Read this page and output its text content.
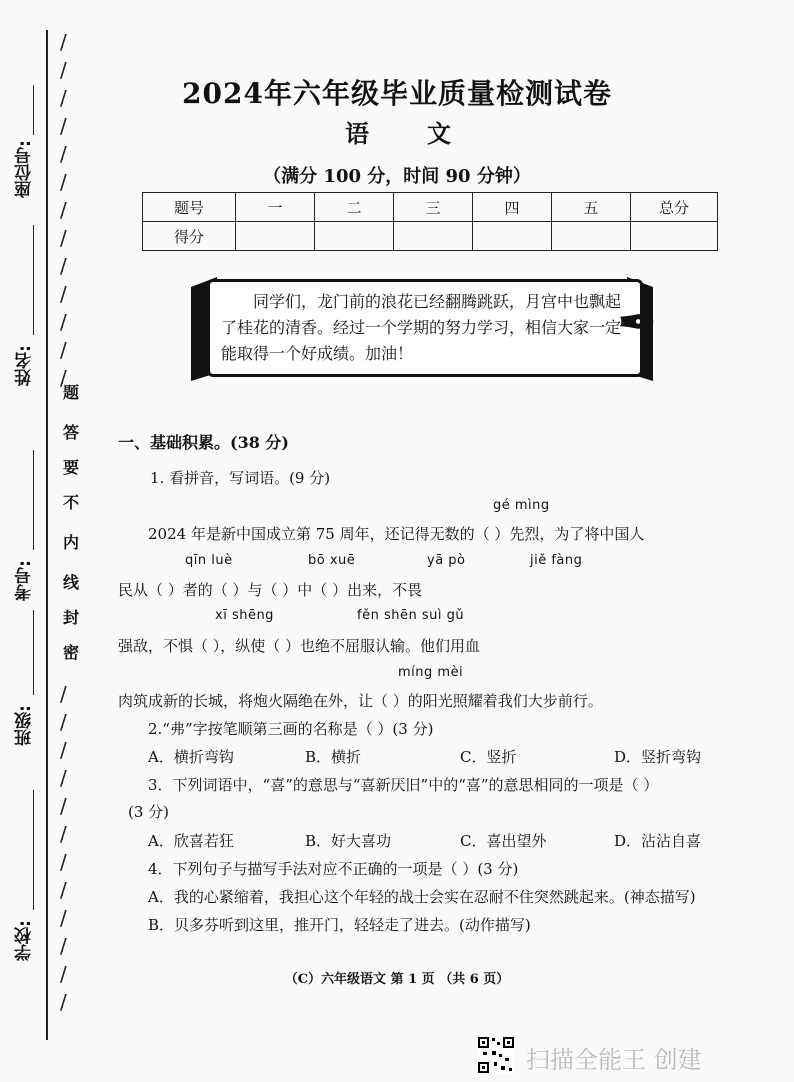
座位号:
姓名:
考号:
班级:
学校:
/
/
/
/
/
/
/
/
/
/
/
/
/
题
答
要
不
内
线
封
密
/
/
/
/
/
/
/
/
/
/
/
/
2024年六年级毕业质量检测试卷
语文
（满分 100 分，时间 90 分钟）
题号	一	二	三	四	五	总分
得分						
同学们，龙门前的浪花已经翻腾跳跃，月宫中也飘起了桂花的清香。经过一个学期的努力学习，相信大家一定能取得一个好成绩。加油！
✒
一、基础积累。(38 分)
1. 看拼音，写词语。(9 分)
gé mìng
2024 年是新中国成立第 75 周年，还记得无数的（ ）先烈，为了将中国人
qīn luè	bō xuē	yā pò	jiě fàng
民从（ ）者的（ ）与（ ）中（ ）出来，不畏
xī shēng	fěn shēn suì gǔ
强敌，不惧（ ），纵使（ ）也绝不屈服认输。他们用血
míng mèi
肉筑成新的长城，将炮火隔绝在外，让（ ）的阳光照耀着我们大步前行。
2.“弗”字按笔顺第三画的名称是（ ）(3 分)
A．横折弯钩	B．横折	C．竖折	D．竖折弯钩
3．下列词语中，“喜”的意思与“喜新厌旧”中的“喜”的意思相同的一项是（ ）
(3 分)
A．欣喜若狂	B．好大喜功	C．喜出望外	D．沾沾自喜
4．下列句子与描写手法对应不正确的一项是（ ）(3 分)
A．我的心紧缩着，我担心这个年轻的战士会实在忍耐不住突然跳起来。(神态描写)
B．贝多芬听到这里，推开门，轻轻走了进去。(动作描写)
（C）六年级语文 第 1 页 （共 6 页）
扫描全能王 创建
